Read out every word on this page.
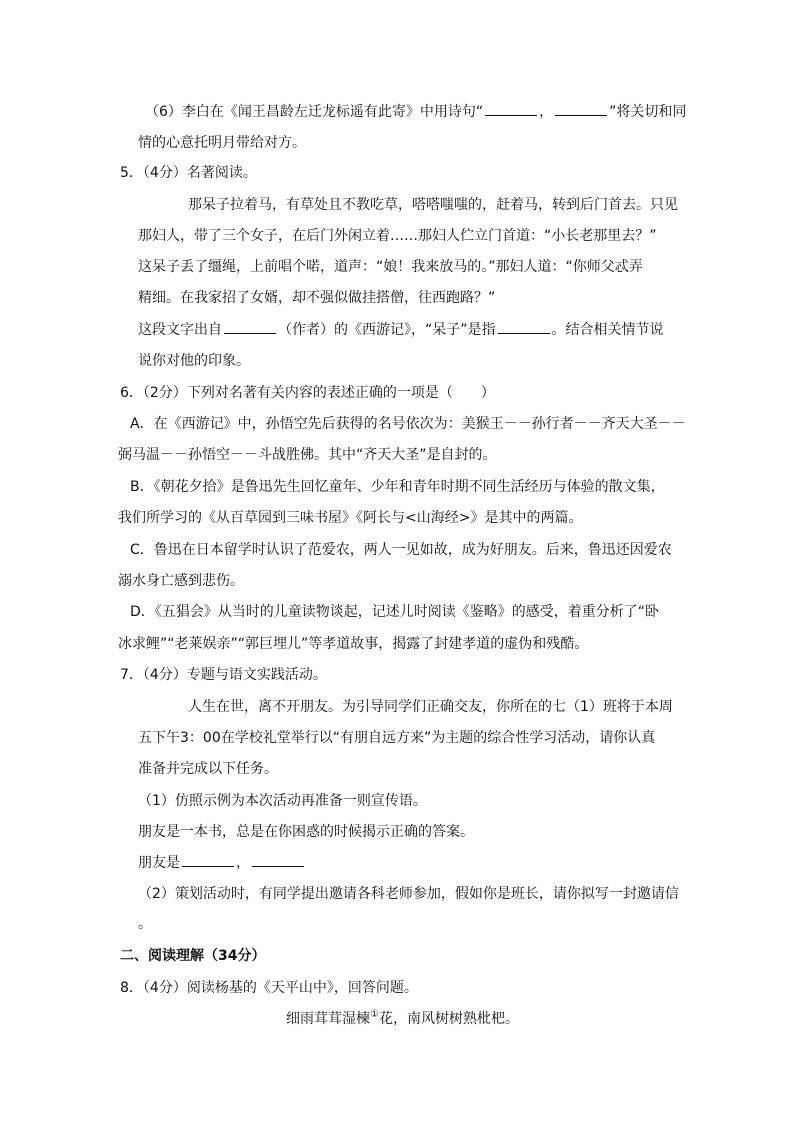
（6）李白在《闻王昌龄左迁龙标遥有此寄》中用诗句“	，	”将关切和同
情的心意托明月带给对方。
5．（4分）名著阅读。
那呆子拉着马，有草处且不教吃草，嗒嗒嗤嗤的，赶着马，转到后门首去。只见
那妇人，带了三个女子，在后门外闲立着……那妇人伫立门首道：“小长老那里去？”
这呆子丢了缰绳，上前唱个喏，道声：“娘！我来放马的。”那妇人道：“你师父忒弄
精细。在我家招了女婿，却不强似做挂搭僧，往西跑路？”
这段文字出自	（作者）的《西游记》，“呆子”是指	。结合相关情节说
说你对他的印象。
6．（2分）下列对名著有关内容的表述正确的一项是（　　）
A．在《西游记》中，孙悟空先后获得的名号依次为：美猴王－－孙行者－－齐天大圣－－
弼马温－－孙悟空－－斗战胜佛。其中“齐天大圣”是自封的。
B．《朝花夕拾》是鲁迅先生回忆童年、少年和青年时期不同生活经历与体验的散文集，
我们所学习的《从百草园到三味书屋》《阿长与<山海经>》是其中的两篇。
C．鲁迅在日本留学时认识了范爱农，两人一见如故，成为好朋友。后来，鲁迅还因爱农
溺水身亡感到悲伤。
D．《五猖会》从当时的儿童读物谈起，记述儿时阅读《鉴略》的感受，着重分析了“卧
冰求鲤”“老莱娱亲”“郭巨埋儿”等孝道故事，揭露了封建孝道的虚伪和残酷。
7．（4分）专题与语文实践活动。
人生在世，离不开朋友。为引导同学们正确交友，你所在的七（1）班将于本周
五下午3：00在学校礼堂举行以“有朋自远方来”为主题的综合性学习活动，请你认真
准备并完成以下任务。
（1）仿照示例为本次活动再准备一则宣传语。
朋友是一本书，总是在你困惑的时候揭示正确的答案。
朋友是	，
（2）策划活动时，有同学提出邀请各科老师参加，假如你是班长，请你拟写一封邀请信
。
二、阅读理解（34分）
8．（4分）阅读杨基的《天平山中》，回答问题。
细雨茸茸湿楝①花，南风树树熟枇杷。
